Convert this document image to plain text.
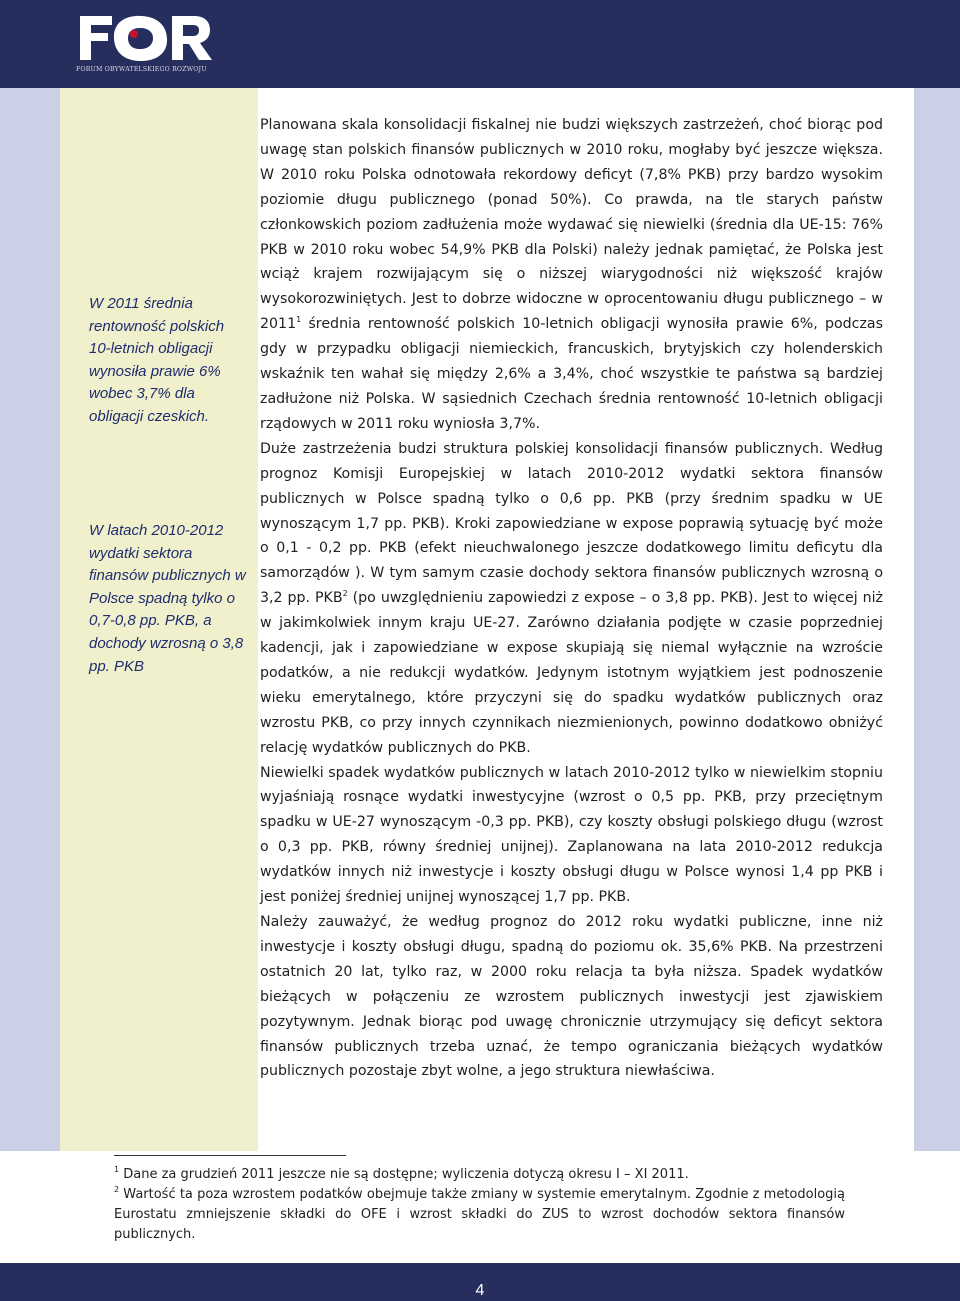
FORUM OBYWATELSKIEGO ROZWOJU
W 2011 średnia rentowność polskich 10-letnich obligacji wynosiła prawie 6% wobec 3,7% dla obligacji czeskich.
W latach 2010-2012 wydatki sektora finansów publicznych w Polsce spadną tylko o 0,7-0,8 pp. PKB, a dochody wzrosną o 3,8 pp. PKB

Planowana skala konsolidacji fiskalnej nie budzi większych zastrzeżeń, choć biorąc pod uwagę stan polskich finansów publicznych w 2010 roku, mogłaby być jeszcze większa. W 2010 roku Polska odnotowała rekordowy deficyt (7,8% PKB) przy bardzo wysokim poziomie długu publicznego (ponad 50%). Co prawda, na tle starych państw członkowskich poziom zadłużenia może wydawać się niewielki (średnia dla UE-15: 76% PKB w 2010 roku wobec 54,9% PKB dla Polski) należy jednak pamiętać, że Polska jest wciąż krajem rozwijającym się o niższej wiarygodności niż większość krajów wysokorozwiniętych. Jest to dobrze widoczne w oprocentowaniu długu publicznego – w 2011$^1$ średnia rentowność polskich 10-letnich obligacji wynosiła prawie 6%, podczas gdy w przypadku obligacji niemieckich, francuskich, brytyjskich czy holenderskich wskaźnik ten wahał się między 2,6% a 3,4%, choć wszystkie te państwa są bardziej zadłużone niż Polska. W sąsiednich Czechach średnia rentowność 10-letnich obligacji rządowych w 2011 roku wyniosła 3,7%.

Duże zastrzeżenia budzi struktura polskiej konsolidacji finansów publicznych. Według prognoz Komisji Europejskiej w latach 2010-2012 wydatki sektora finansów publicznych w Polsce spadną tylko o 0,6 pp. PKB (przy średnim spadku w UE wynoszącym 1,7 pp. PKB). Kroki zapowiedziane w expose poprawią sytuację być może o 0,1 - 0,2 pp. PKB (efekt nieuchwalonego jeszcze dodatkowego limitu deficytu dla samorządów ). W tym samym czasie dochody sektora finansów publicznych wzrosną o 3,2 pp. PKB$^2$ (po uwzględnieniu zapowiedzi z expose – o 3,8 pp. PKB). Jest to więcej niż w jakimkolwiek innym kraju UE-27. Zarówno działania podjęte w czasie poprzedniej kadencji, jak i zapowiedziane w expose skupiają się niemal wyłącznie na wzroście podatków, a nie redukcji wydatków. Jedynym istotnym wyjątkiem jest podnoszenie wieku emerytalnego, które przyczyni się do spadku wydatków publicznych oraz wzrostu PKB, co przy innych czynnikach niezmienionych, powinno dodatkowo obniżyć relację wydatków publicznych do PKB.

Niewielki spadek wydatków publicznych w latach 2010-2012 tylko w niewielkim stopniu wyjaśniają rosnące wydatki inwestycyjne (wzrost o 0,5 pp. PKB, przy przeciętnym spadku w UE-27 wynoszącym -0,3 pp. PKB), czy koszty obsługi polskiego długu (wzrost o 0,3 pp. PKB, równy średniej unijnej). Zaplanowana na lata 2010-2012 redukcja wydatków innych niż inwestycje i koszty obsługi długu w Polsce wynosi 1,4 pp PKB i jest poniżej średniej unijnej wynoszącej 1,7 pp. PKB.

Należy zauważyć, że według prognoz do 2012 roku wydatki publiczne, inne niż inwestycje i koszty obsługi długu, spadną do poziomu ok. 35,6% PKB. Na przestrzeni ostatnich 20 lat, tylko raz, w 2000 roku relacja ta była niższa. Spadek wydatków bieżących w połączeniu ze wzrostem publicznych inwestycji jest zjawiskiem pozytywnym. Jednak biorąc pod uwagę chronicznie utrzymujący się deficyt sektora finansów publicznych trzeba uznać, że tempo ograniczania bieżących wydatków publicznych pozostaje zbyt wolne, a jego struktura niewłaściwa.

$^1$ Dane za grudzień 2011 jeszcze nie są dostępne; wyliczenia dotyczą okresu I – XI 2011.

$^2$ Wartość ta poza wzrostem podatków obejmuje także zmiany w systemie emerytalnym. Zgodnie z metodologią Eurostatu zmniejszenie składki do OFE i wzrost składki do ZUS to wzrost dochodów sektora finansów publicznych.

4
